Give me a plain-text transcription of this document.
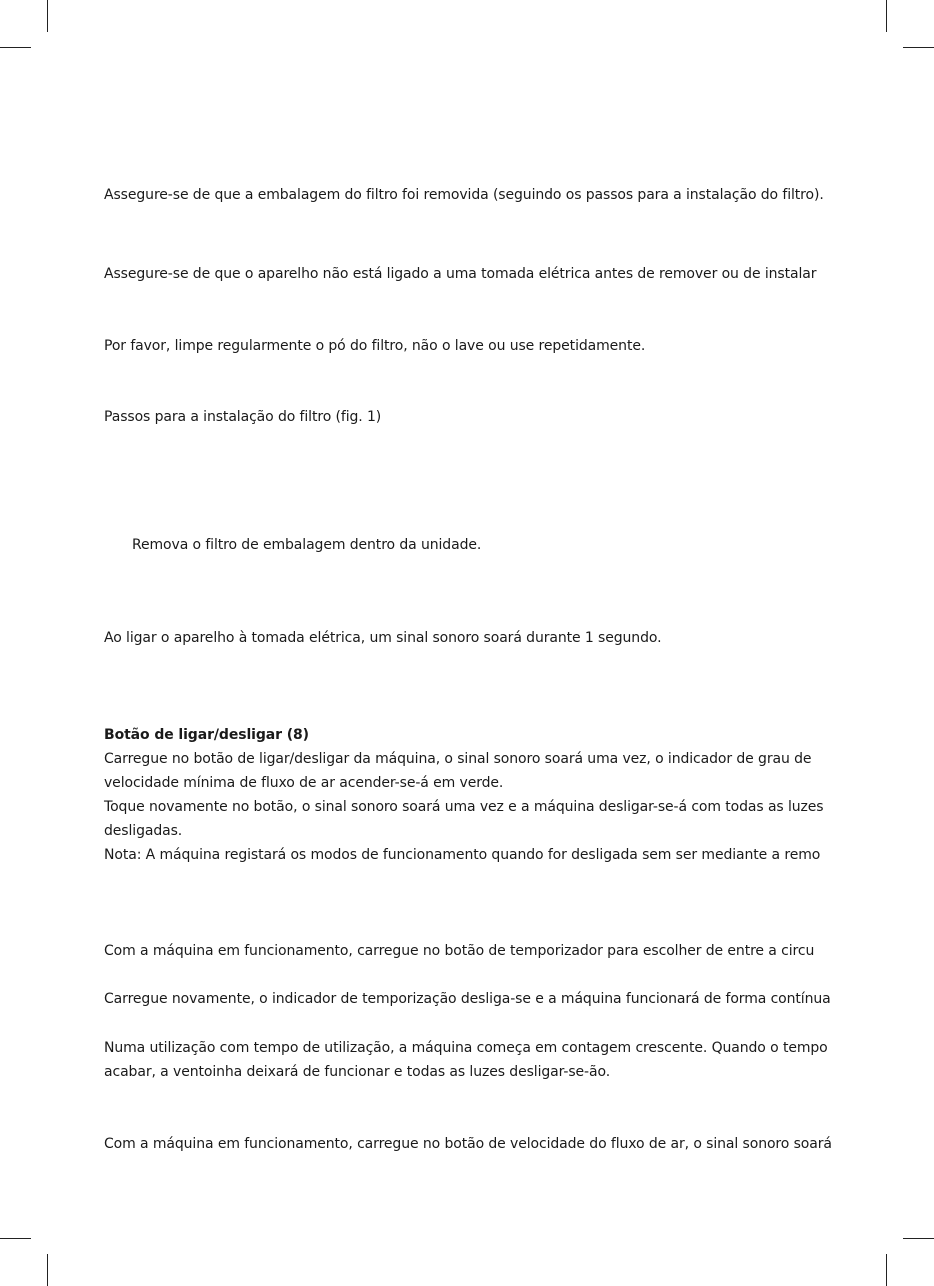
Assegure-se de que a embalagem do filtro foi removida (seguindo os passos para a instalação do filtro).
Assegure-se de que o aparelho não está ligado a uma tomada elétrica antes de remover ou de instalar
Por favor, limpe regularmente o pó do filtro, não o lave ou use repetidamente.
Passos para a instalação do filtro (fig. 1)
Remova o filtro de embalagem dentro da unidade.
Ao ligar o aparelho à tomada elétrica, um sinal sonoro soará durante 1 segundo.
Botão de ligar/desligar (8)
Carregue no botão de ligar/desligar da máquina, o sinal sonoro soará uma vez, o indicador de grau de
velocidade mínima de fluxo de ar acender-se-á em verde.
Toque novamente no botão, o sinal sonoro soará uma vez e a máquina desligar-se-á com todas as luzes
desligadas.
Nota: A máquina registará os modos de funcionamento quando for desligada sem ser mediante a remo
Com a máquina em funcionamento, carregue no botão de temporizador para escolher de entre a circu
Carregue novamente, o indicador de temporização desliga-se e a máquina funcionará de forma contínua
Numa utilização com tempo de utilização, a máquina começa em contagem crescente. Quando o tempo
acabar, a ventoinha deixará de funcionar e todas as luzes desligar-se-ão.
Com a máquina em funcionamento, carregue no botão de velocidade do fluxo de ar, o sinal sonoro soará
